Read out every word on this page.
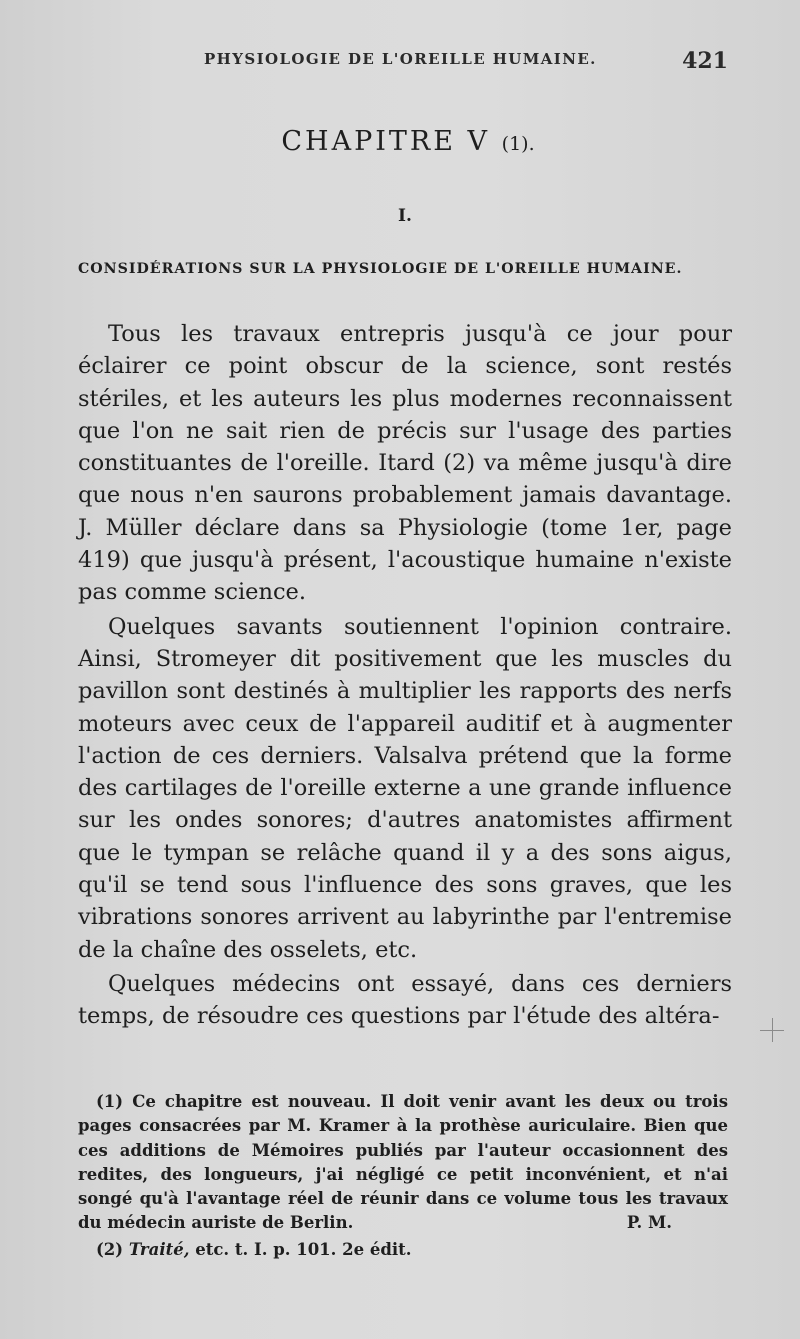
PHYSIOLOGIE DE L'OREILLE HUMAINE.	421
CHAPITRE V (1).
I.
CONSIDÉRATIONS SUR LA PHYSIOLOGIE DE L'OREILLE HUMAINE.

Tous les travaux entrepris jusqu'à ce jour pour éclairer ce point obscur de la science, sont restés stériles, et les auteurs les plus modernes reconnaissent que l'on ne sait rien de précis sur l'usage des parties constituantes de l'oreille. Itard (2) va même jusqu'à dire que nous n'en saurons probablement jamais davantage. J. Müller déclare dans sa Physiologie (tome 1er, page 419) que jusqu'à présent, l'acoustique humaine n'existe pas comme science.

Quelques savants soutiennent l'opinion contraire. Ainsi, Stromeyer dit positivement que les muscles du pavillon sont destinés à multiplier les rapports des nerfs moteurs avec ceux de l'appareil auditif et à augmenter l'action de ces derniers. Valsalva prétend que la forme des cartilages de l'oreille externe a une grande influence sur les ondes sonores; d'autres anatomistes affirment que le tympan se relâche quand il y a des sons aigus, qu'il se tend sous l'influence des sons graves, que les vibrations sonores arrivent au labyrinthe par l'entremise de la chaîne des osselets, etc.

Quelques médecins ont essayé, dans ces derniers temps, de résoudre ces questions par l'étude des altéra-

(1) Ce chapitre est nouveau. Il doit venir avant les deux ou trois pages consacrées par M. Kramer à la prothèse auriculaire. Bien que ces additions de Mémoires publiés par l'auteur occasionnent des redites, des longueurs, j'ai négligé ce petit inconvénient, et n'ai songé qu'à l'avantage réel de réunir dans ce volume tous les travaux du médecin auriste de Berlin.	P. M.

(2) Traité, etc. t. I. p. 101. 2e édit.
